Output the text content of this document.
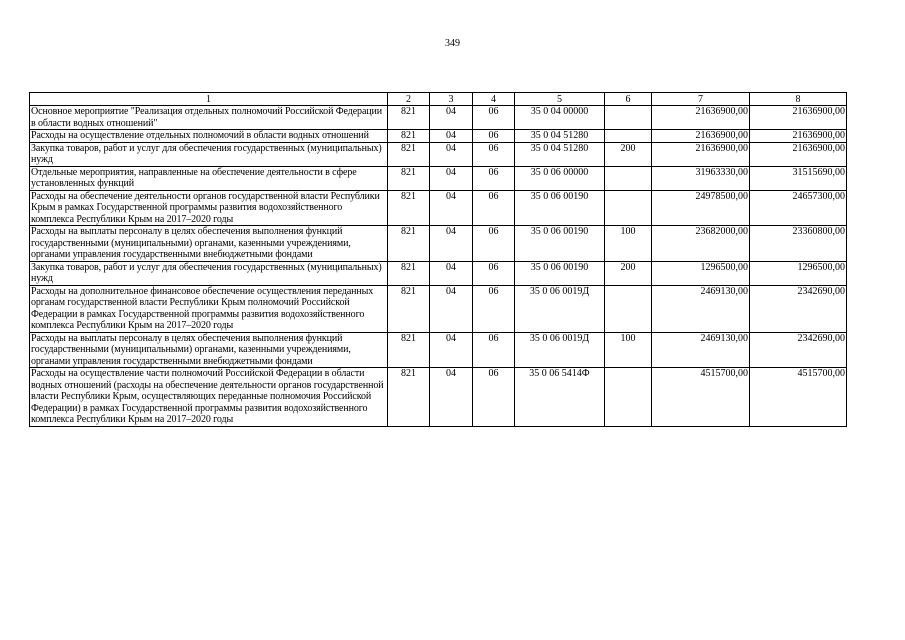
349
1	2	3	4	5	6	7	8
Основное мероприятие "Реализация отдельных полномочий Российской Федерации в области водных отношений"	821	04	06	35 0 04 00000		21636900,00	21636900,00
Расходы на осуществление отдельных полномочий в области водных отношений	821	04	06	35 0 04 51280		21636900,00	21636900,00
Закупка товаров, работ и услуг для обеспечения государственных (муниципальных) нужд	821	04	06	35 0 04 51280	200	21636900,00	21636900,00
Отдельные мероприятия, направленные на обеспечение деятельности в сфере установленных функций	821	04	06	35 0 06 00000		31963330,00	31515690,00
Расходы на обеспечение деятельности органов государственной власти Республики Крым в рамках Государственной программы развития водохозяйственного комплекса Республики Крым на 2017–2020 годы	821	04	06	35 0 06 00190		24978500,00	24657300,00
Расходы на выплаты персоналу в целях обеспечения выполнения функций государственными (муниципальными) органами, казенными учреждениями, органами управления государственными внебюджетными фондами	821	04	06	35 0 06 00190	100	23682000,00	23360800,00
Закупка товаров, работ и услуг для обеспечения государственных (муниципальных) нужд	821	04	06	35 0 06 00190	200	1296500,00	1296500,00
Расходы на дополнительное финансовое обеспечение осуществления переданных органам государственной власти Республики Крым полномочий Российской Федерации в рамках Государственной программы развития водохозяйственного комплекса Республики Крым на 2017–2020 годы	821	04	06	35 0 06 0019Д		2469130,00	2342690,00
Расходы на выплаты персоналу в целях обеспечения выполнения функций государственными (муниципальными) органами, казенными учреждениями, органами управления государственными внебюджетными фондами	821	04	06	35 0 06 0019Д	100	2469130,00	2342690,00
Расходы на осуществление части полномочий Российской Федерации в области водных отношений (расходы на обеспечение деятельности органов государственной власти Республики Крым, осуществляющих переданные полномочия Российской Федерации) в рамках Государственной программы развития водохозяйственного комплекса Республики Крым на 2017–2020 годы	821	04	06	35 0 06 5414Ф		4515700,00	4515700,00
